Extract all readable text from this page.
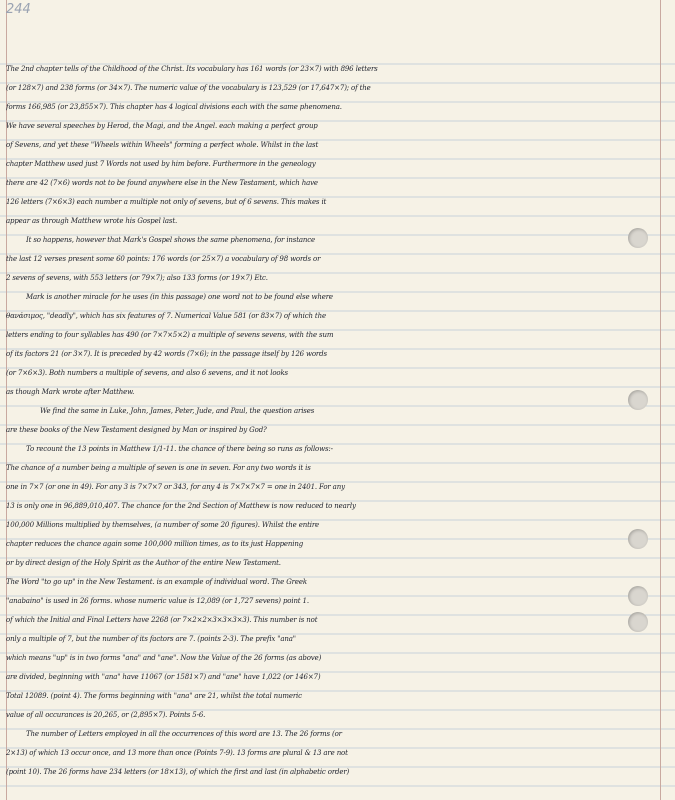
244
The 2nd chapter tells of the Childhood of the Christ. Its vocabulary has 161 words (or 23×7) with 896 letters
(or 128×7) and 238 forms (or 34×7). The numeric value of the vocabulary is 123,529 (or 17,647×7); of the
forms 166,985 (or 23,855×7). This chapter has 4 logical divisions each with the same phenomena.
We have several speeches by Herod, the Magi, and the Angel. each making a perfect group
of Sevens, and yet these "Wheels within Wheels" forming a perfect whole. Whilst in the last
chapter Matthew used just 7 Words not used by him before. Furthermore in the geneology
there are 42 (7×6) words not to be found anywhere else in the New Testament, which have
126 letters (7×6×3) each number a multiple not only of sevens, but of 6 sevens. This makes it
appear as through Matthew wrote his Gospel last.
It so happens, however that Mark's Gospel shows the same phenomena, for instance
the last 12 verses present some 60 points: 176 words (or 25×7) a vocabulary of 98 words or
2 sevens of sevens, with 553 letters (or 79×7); also 133 forms (or 19×7) Etc.
Mark is another miracle for he uses (in this passage) one word not to be found else where
θανάσιμος, "deadly", which has six features of 7. Numerical Value 581 (or 83×7) of which the
letters ending to four syllables has 490 (or 7×7×5×2) a multiple of sevens sevens, with the sum
of its factors 21 (or 3×7). It is preceded by 42 words (7×6); in the passage itself by 126 words
(or 7×6×3). Both numbers a multiple of sevens, and also 6 sevens, and it not looks
as though Mark wrote after Matthew.
We find the same in Luke, John, James, Peter, Jude, and Paul, the question arises
are these books of the New Testament designed by Man or inspired by God?
To recount the 13 points in Matthew 1/1-11. the chance of there being so runs as follows:-
The chance of a number being a multiple of seven is one in seven. For any two words it is
one in 7×7 (or one in 49). For any 3 is 7×7×7 or 343, for any 4 is 7×7×7×7 = one in 2401. For any
13 is only one in 96,889,010,407. The chance for the 2nd Section of Matthew is now reduced to nearly
100,000 Millions multiplied by themselves, (a number of some 20 figures). Whilst the entire
chapter reduces the chance again some 100,000 million times, as to its just Happening
or by direct design of the Holy Spirit as the Author of the entire New Testament.
The Word "to go up" in the New Testament. is an example of individual word. The Greek
"anabaino" is used in 26 forms. whose numeric value is 12,089 (or 1,727 sevens) point 1.
of which the Initial and Final Letters have 2268 (or 7×2×2×3×3×3×3). This number is not
only a multiple of 7, but the number of its factors are 7. (points 2-3). The prefix "ana"
which means "up" is in two forms "ana" and "ane". Now the Value of the 26 forms (as above)
are divided, beginning with "ana" have 11067 (or 1581×7) and "ane" have 1,022 (or 146×7)
Total 12089. (point 4). The forms beginning with "ana" are 21, whilst the total numeric
value of all occurances is 20,265, or (2,895×7). Points 5-6.
The number of Letters employed in all the occurrences of this word are 13. The 26 forms (or
2×13) of which 13 occur once, and 13 more than once (Points 7-9). 13 forms are plural & 13 are not
(point 10). The 26 forms have 234 letters (or 18×13), of which the first and last (in alphabetic order)
